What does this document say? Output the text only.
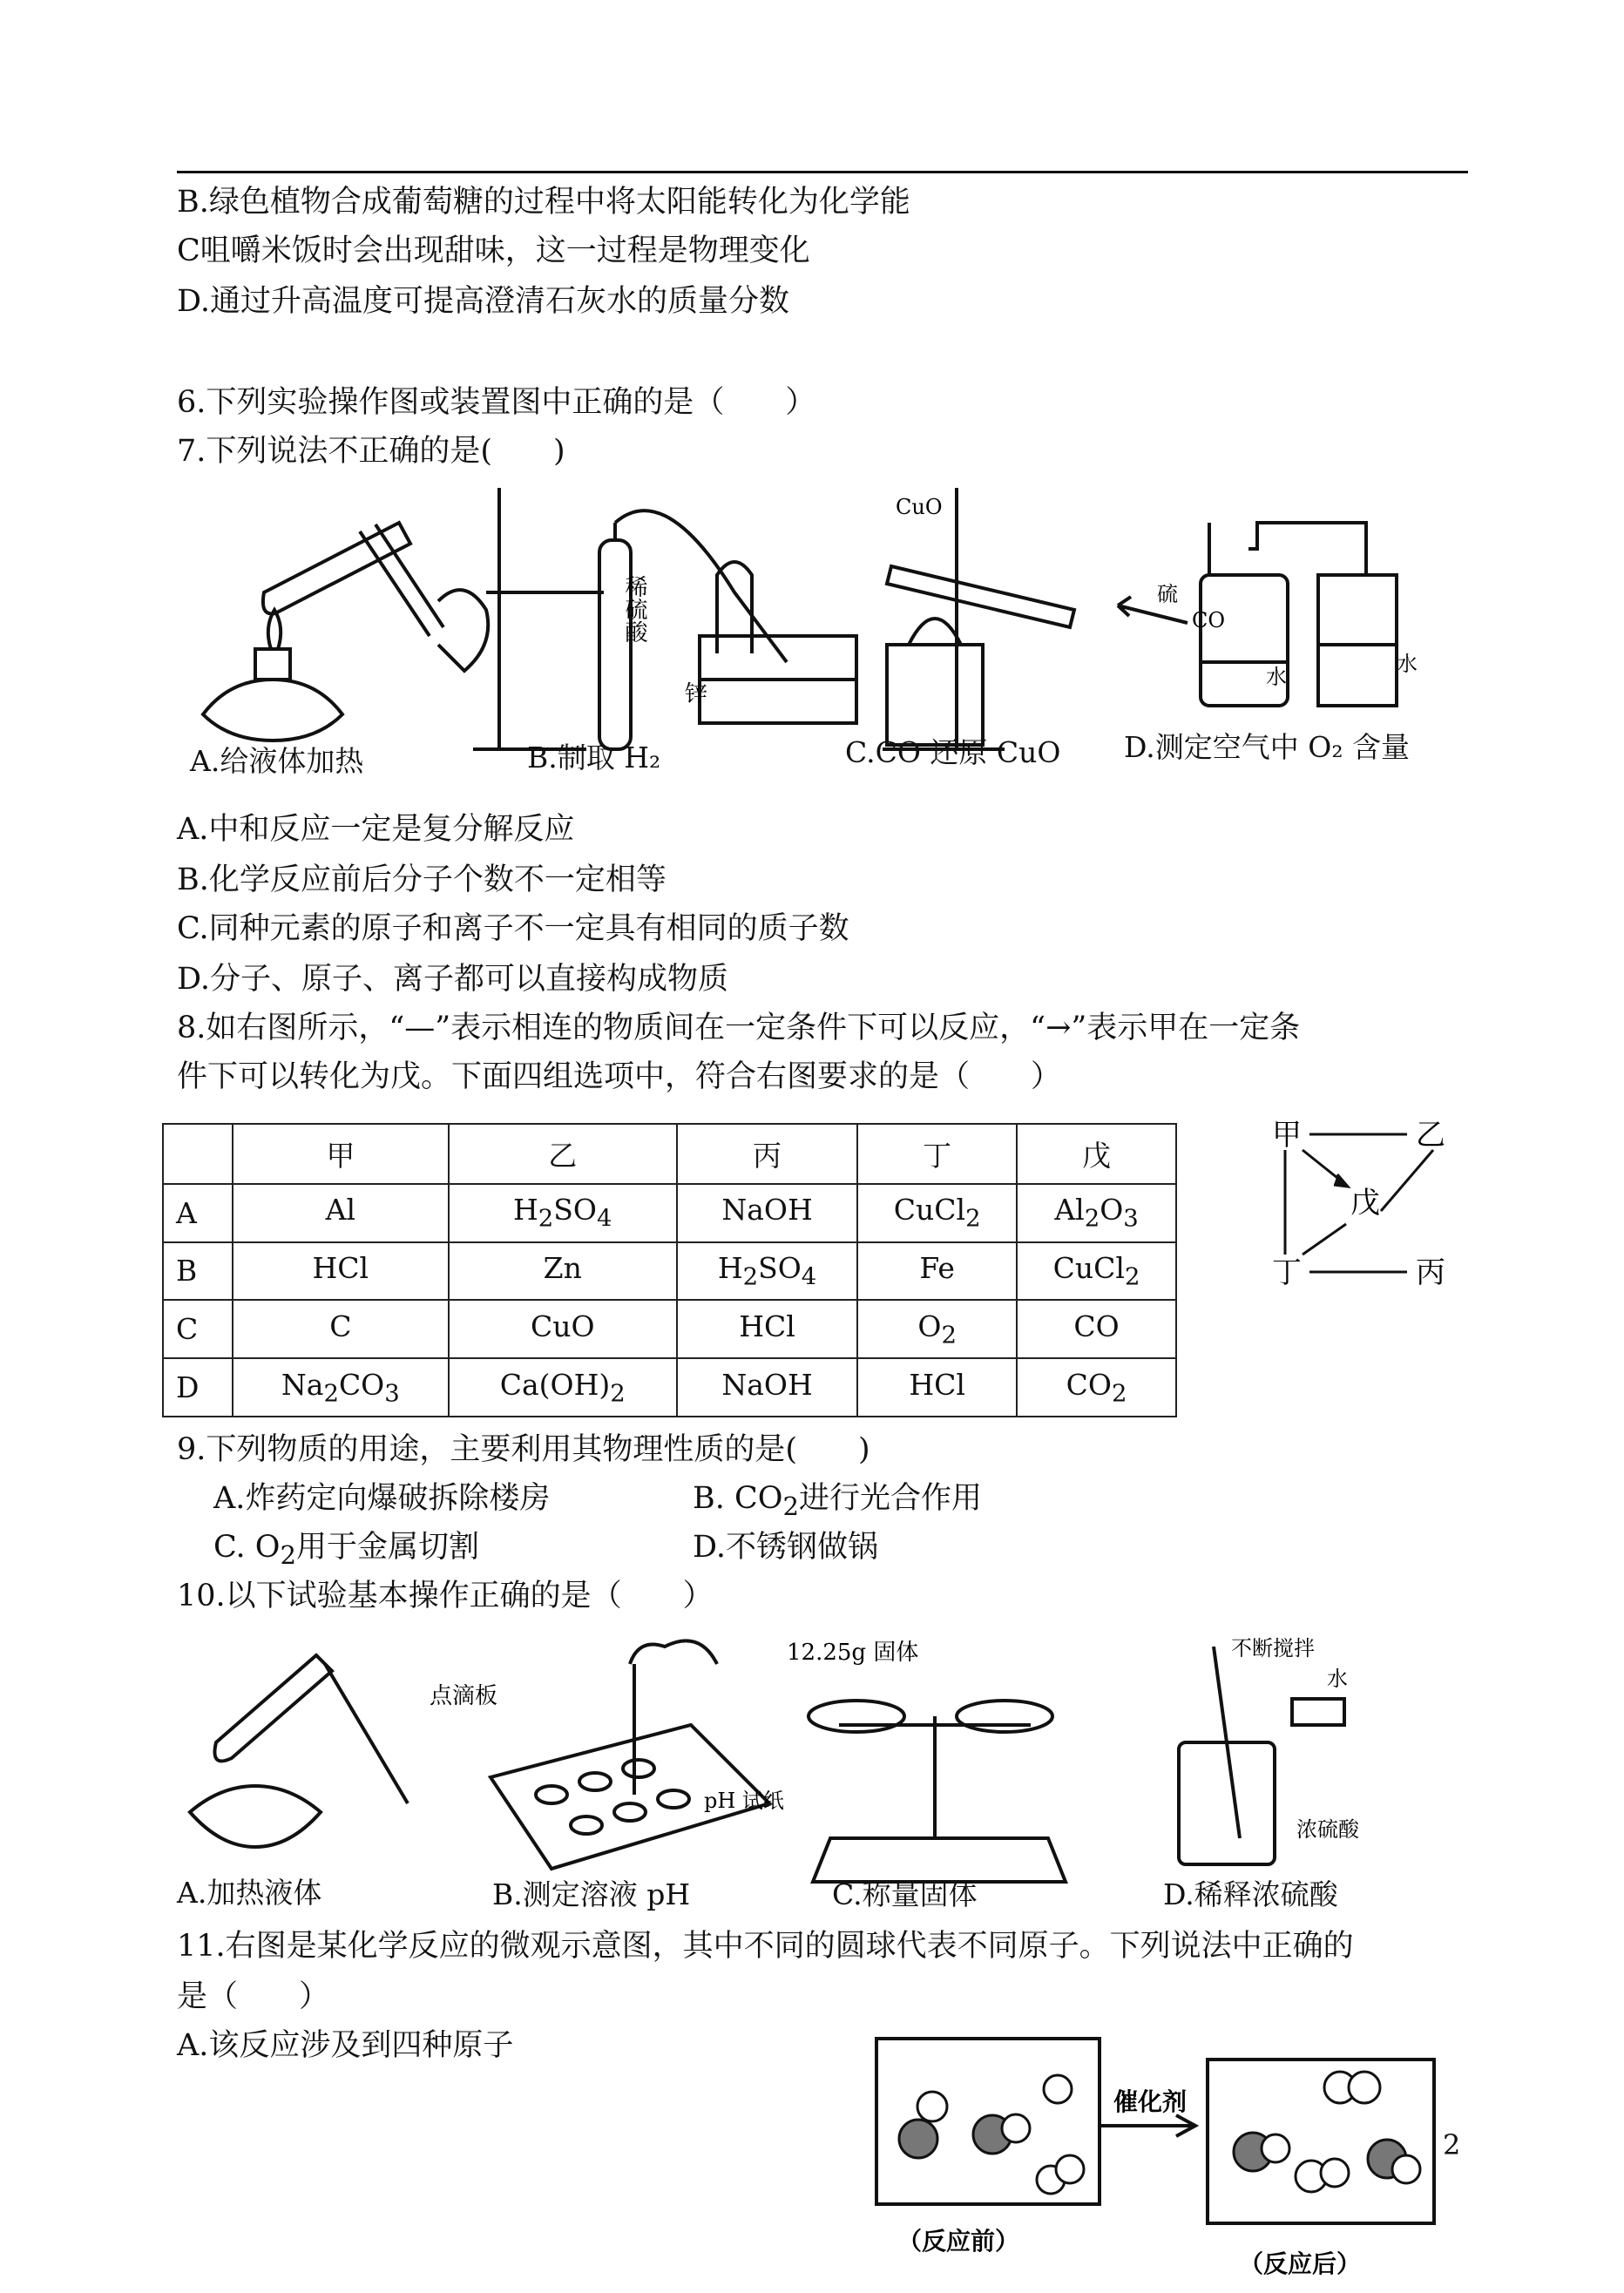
B.绿色植物合成葡萄糖的过程中将太阳能转化为化学能
C咀嚼米饭时会出现甜味，这一过程是物理变化
D.通过升高温度可提高澄清石灰水的质量分数
6.下列实验操作图或装置图中正确的是（　　）
7.下列说法不正确的是(　　)
锌
稀硫酸
CuO
CO
硫
水
水
A.给液体加热	B.制取 H₂	C.CO 还原 CuO D.测定空气中 O₂ 含量
A.中和反应一定是复分解反应
B.化学反应前后分子个数不一定相等
C.同种元素的原子和离子不一定具有相同的质子数
D.分子、原子、离子都可以直接构成物质
8.如右图所示，“—”表示相连的物质间在一定条件下可以反应，“→”表示甲在一定条
件下可以转化为戊。下面四组选项中，符合右图要求的是（　　）
	甲	乙	丙	丁	戊
A	Al	$H_2SO_4$	NaOH	CuCl$_2$	$Al_2O_3$
B	HCl	Zn	$H_2SO_4$	Fe	CuCl$_2$
C	C	CuO	HCl	$O_2$	CO
D	$Na_2CO_3$	$Ca(OH)_2$	NaOH	HCl	$CO_2$
甲	乙
丙
丁
戊
9.下列物质的用途，主要利用其物理性质的是(　　)
A.炸药定向爆破拆除楼房	B. $CO_2$进行光合作用
C. $O_2$用于金属切割	D.不锈钢做锅
10.以下试验基本操作正确的是（　　）
点滴板
pH 试纸
12.25g 固体	不断搅拌
水
浓硫酸
A.加热液体	B.测定溶液 pH	C.称量固体	D.稀释浓硫酸
11.右图是某化学反应的微观示意图，其中不同的圆球代表不同原子。下列说法中正确的
是（　　）
A.该反应涉及到四种原子
催化剂
（反应前）
（反应后）
2
